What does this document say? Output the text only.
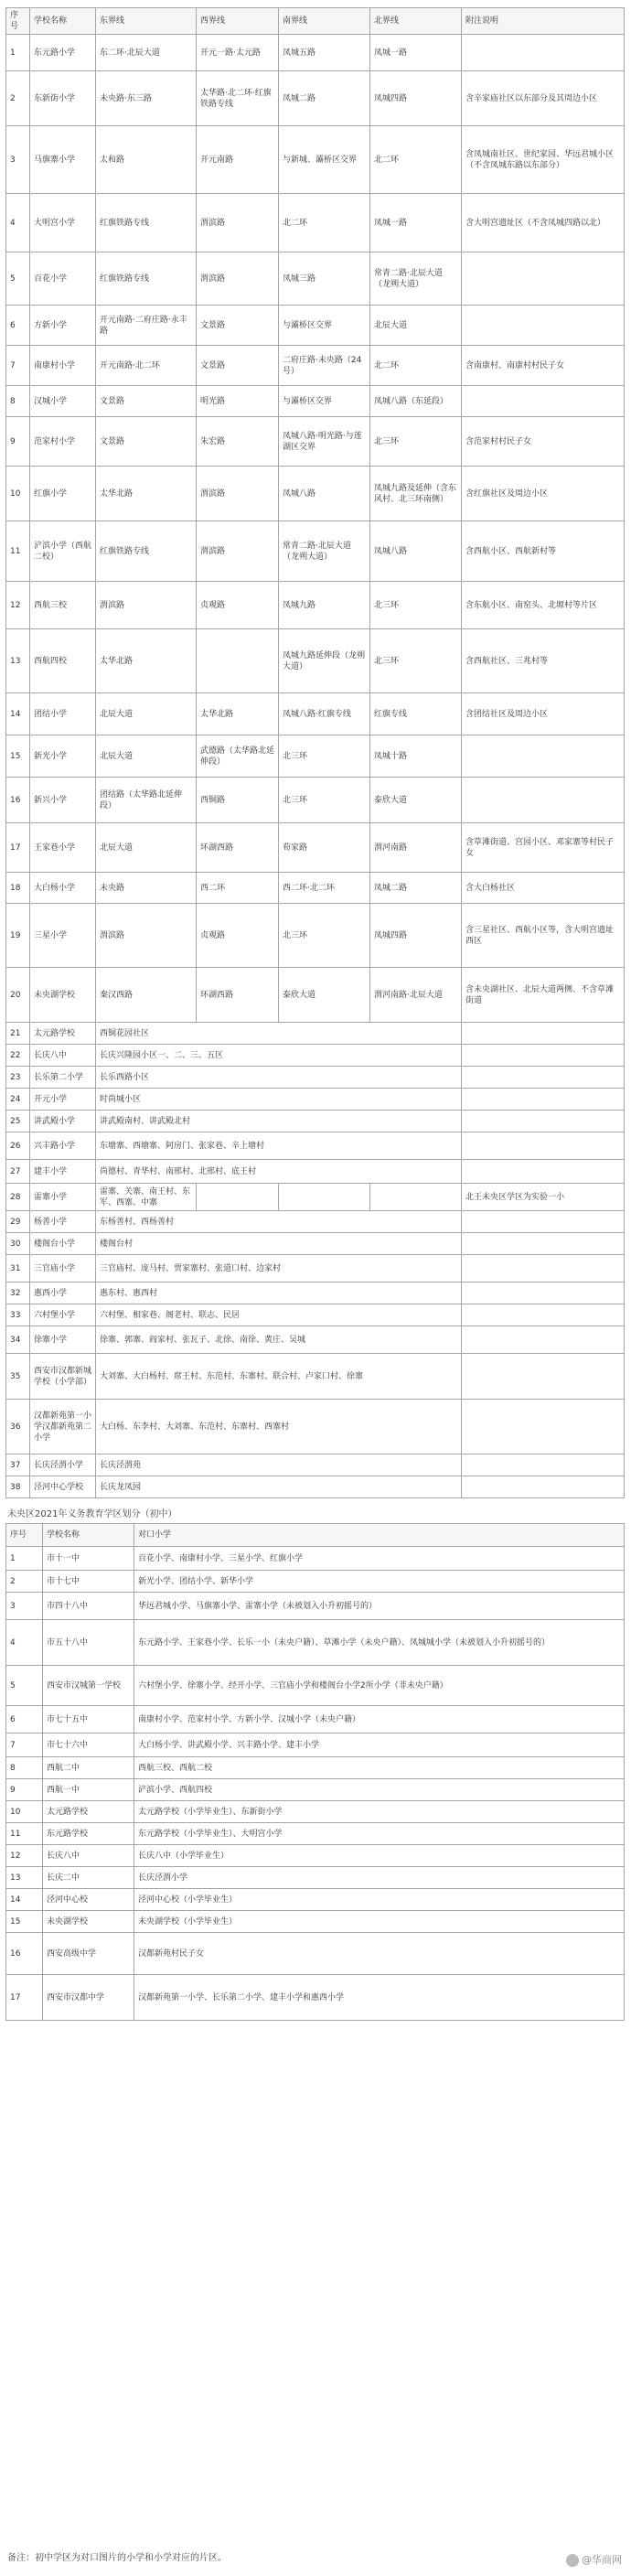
序号	学校名称	东界线	西界线	南界线	北界线	附注说明
1	东元路小学	东二环·北辰大道	开元一路·太元路	凤城五路	凤城一路	
2	东新街小学	未央路·东三路	太华路·北二环·红旗铁路专线	凤城二路	凤城四路	含辛家庙社区以东部分及其周边小区
3	马旗寨小学	太和路	开元南路	与新城、灞桥区交界	北二环	含凤城南社区、世纪家园、华远君城小区（不含凤城东路以东部分）
4	大明宫小学	红旗铁路专线	渭滨路	北二环	凤城一路	含大明宫遗址区（不含凤城四路以北）
5	百花小学	红旗铁路专线	渭滨路	凤城三路	常青二路·北辰大道（龙朔大道）	
6	方新小学	开元南路·二府庄路·永丰路	文景路	与灞桥区交界	北辰大道	
7	南康村小学	开元南路·北二环	文景路	二府庄路·未央路（24号）	北二环	含南康村、南康村村民子女
8	汉城小学	文景路	明光路	与灞桥区交界	凤城八路（东延段）	
9	范家村小学	文景路	朱宏路	凤城八路·明光路·与莲湖区交界	北三环	含范家村村民子女
10	红旗小学	太华北路	渭滨路	凤城八路	凤城九路及延伸（含东风村、北三环南侧）	含红旗社区及周边小区
11	浐滨小学（西航二校）	红旗铁路专线	渭滨路	常青二路·北辰大道（龙朔大道）	凤城八路	含西航小区、西航新村等
12	西航三校	渭滨路	贞观路	凤城九路	北三环	含东航小区、南窑头、北塬村等片区
13	西航四校	太华北路		凤城九路延伸段（龙朔大道）	北三环	含西航社区、三兆村等
14	团结小学	北辰大道	太华北路	凤城八路·红旗专线	红旗专线	含团结社区及周边小区
15	新光小学	北辰大道	武德路（太华路北延伸段）	北三环	凤城十路	
16	新兴小学	团结路（太华路北延伸段）	西铜路	北三环	泰欣大道	
17	王家巷小学	北辰大道	环湖西路	荀家路	渭河南路	含草滩街道、宫园小区、邓家寨等村民子女
18	大白杨小学	未央路	西二环	西二环·北二环	凤城二路	含大白杨社区
19	三星小学	渭滨路	贞观路	北三环	凤城四路	含三星社区、西航小区等，含大明宫遗址西区
20	未央湖学校	秦汉西路	环湖西路	泰欣大道	渭河南路·北辰大道	含未央湖社区、北辰大道两侧、不含草滩街道
21	太元路学校	西铜花园社区				
22	长庆八中	长庆兴隆园小区一、二、三、五区				
23	长乐第二小学	长乐西路小区				
24	开元小学	时尚城小区				
25	讲武殿小学	讲武殿南村、讲武殿北村				
26	兴丰路小学	东塘寨、西塘寨、阿房门、张家巷、辛上塘村				
27	建丰小学	尚德村、青华村、南邢村、北邢村、底王村				
28	雷寨小学	雷寨、关寨、南王村、东军、西寨、中寨				北王未央区学区为实验一小
29	杨善小学	东杨善村、西杨善村				
30	楼阁台小学	楼阁台村				
31	三官庙小学	三官庙村、庞马村、贾家寨村、张道口村、边家村				
32	惠西小学	惠东村、惠西村				
33	六村堡小学	六村堡、相家巷、阁老村、联志、民居				
34	徐寨小学	徐寨、郭寨、阎家村、张瓦子、北徐、南徐、黄庄、吴城				
35	西安市汉都新城学校（小学部）	大刘寨、大白杨村、席王村、东范村、东寨村、联合村、卢家口村、徐寨				
36	汉都新苑第一小学汉都新苑第二小学	大白杨、东李村、大刘寨、东范村、东寨村、西寨村				
37	长庆泾渭小学	长庆泾渭苑				
38	泾河中心学校	长庆龙凤园				
未央区2021年义务教育学区划分（初中）
序号	学校名称	对口小学
1	市十一中	百花小学、南康村小学、三星小学、红旗小学
2	市十七中	新光小学、团结小学、新华小学
3	市四十八中	华远君城小学、马旗寨小学、雷寨小学（未被划入小升初摇号的）
4	市五十八中	东元路小学、王家巷小学、长乐一小（未央户籍）、草滩小学（未央户籍）、凤城城小学（未被划入小升初摇号的）
5	西安市汉城第一学校	六村堡小学、徐寨小学、经开小学、三官庙小学和楼阁台小学2所小学（非未央户籍）
6	市七十五中	南康村小学、范家村小学、方新小学、汉城小学（未央户籍）
7	市七十六中	大白杨小学、讲武殿小学、兴丰路小学、建丰小学
8	西航二中	西航三校、西航二校
9	西航一中	浐滨小学、西航四校
10	太元路学校	太元路学校（小学毕业生）、东新街小学
11	东元路学校	东元路学校（小学毕业生）、大明宫小学
12	长庆八中	长庆八中（小学毕业生）
13	长庆二中	长庆泾渭小学
14	泾河中心校	泾河中心校（小学毕业生）
15	未央湖学校	未央湖学校（小学毕业生）
16	西安高级中学	汉都新苑村民子女
17	西安市汉都中学	汉都新苑第一小学、长乐第二小学、建丰小学和惠西小学
备注：初中学区为对口图片的小学和小学对应的片区。	@华商网
